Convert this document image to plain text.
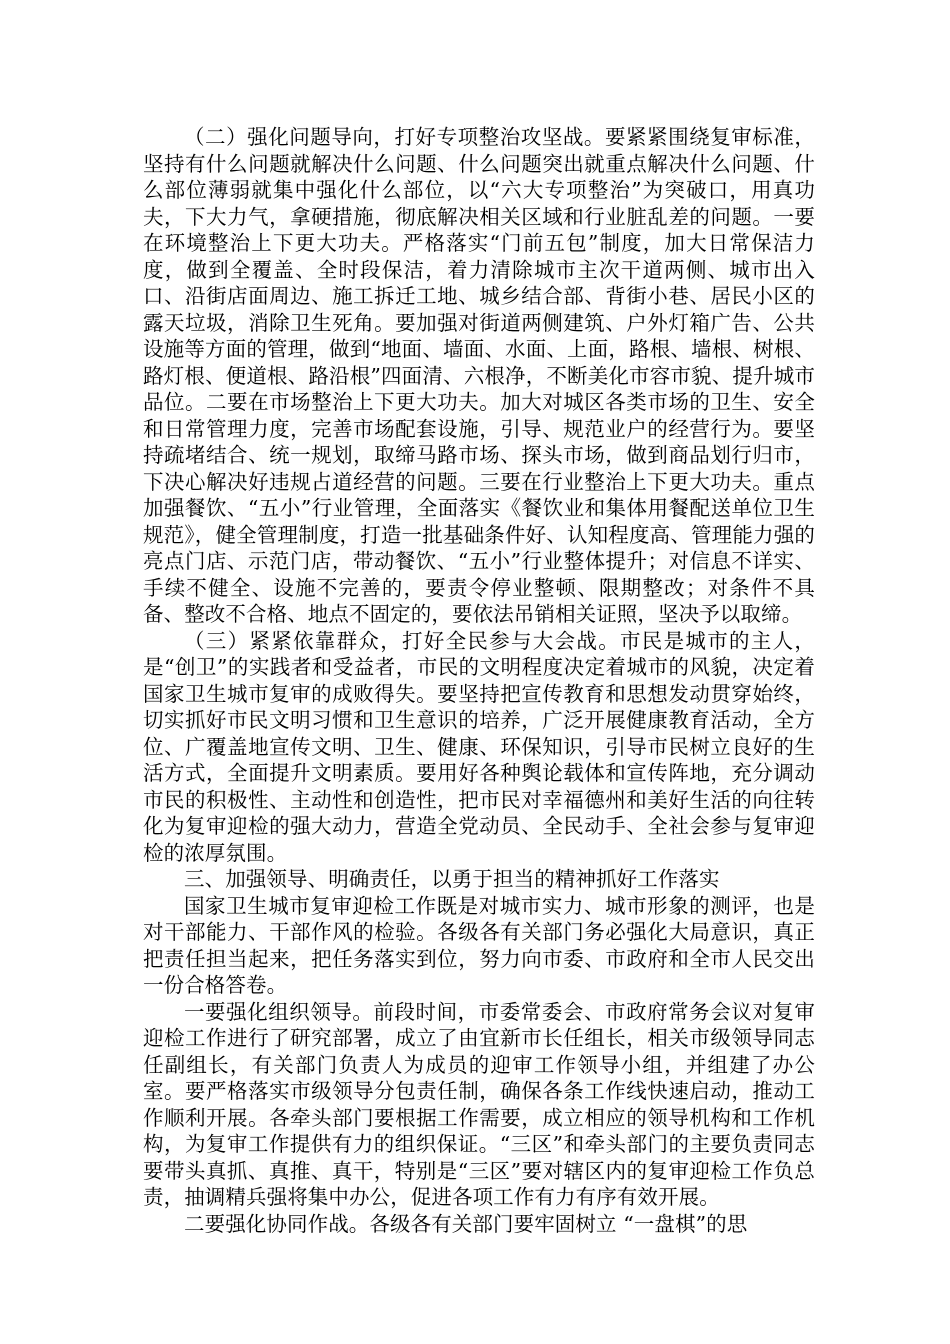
（二）强化问题导向，打好专项整治攻坚战。要紧紧围绕复审标准，坚持有什么问题就解决什么问题、什么问题突出就重点解决什么问题、什么部位薄弱就集中强化什么部位，以“六大专项整治”为突破口，用真功夫，下大力气，拿硬措施，彻底解决相关区域和行业脏乱差的问题。一要在环境整治上下更大功夫。严格落实“门前五包”制度，加大日常保洁力度，做到全覆盖、全时段保洁，着力清除城市主次干道两侧、城市出入口、沿街店面周边、施工拆迁工地、城乡结合部、背街小巷、居民小区的露天垃圾，消除卫生死角。要加强对街道两侧建筑、户外灯箱广告、公共设施等方面的管理，做到“地面、墙面、水面、上面，路根、墙根、树根、路灯根、便道根、路沿根”四面清、六根净，不断美化市容市貌、提升城市品位。二要在市场整治上下更大功夫。加大对城区各类市场的卫生、安全和日常管理力度，完善市场配套设施，引导、规范业户的经营行为。要坚持疏堵结合、统一规划，取缔马路市场、探头市场，做到商品划行归市，下决心解决好违规占道经营的问题。三要在行业整治上下更大功夫。重点加强餐饮、“五小”行业管理，全面落实《餐饮业和集体用餐配送单位卫生规范》，健全管理制度，打造一批基础条件好、认知程度高、管理能力强的亮点门店、示范门店，带动餐饮、“五小”行业整体提升；对信息不详实、手续不健全、设施不完善的，要责令停业整顿、限期整改；对条件不具备、整改不合格、地点不固定的，要依法吊销相关证照，坚决予以取缔。

（三）紧紧依靠群众，打好全民参与大会战。市民是城市的主人，是“创卫”的实践者和受益者，市民的文明程度决定着城市的风貌，决定着国家卫生城市复审的成败得失。要坚持把宣传教育和思想发动贯穿始终，切实抓好市民文明习惯和卫生意识的培养，广泛开展健康教育活动，全方位、广覆盖地宣传文明、卫生、健康、环保知识，引导市民树立良好的生活方式，全面提升文明素质。要用好各种舆论载体和宣传阵地，充分调动市民的积极性、主动性和创造性，把市民对幸福德州和美好生活的向往转化为复审迎检的强大动力，营造全党动员、全民动手、全社会参与复审迎检的浓厚氛围。

三、加强领导、明确责任，以勇于担当的精神抓好工作落实

国家卫生城市复审迎检工作既是对城市实力、城市形象的测评，也是对干部能力、干部作风的检验。各级各有关部门务必强化大局意识，真正把责任担当起来，把任务落实到位，努力向市委、市政府和全市人民交出一份合格答卷。

一要强化组织领导。前段时间，市委常委会、市政府常务会议对复审迎检工作进行了研究部署，成立了由宜新市长任组长，相关市级领导同志任副组长，有关部门负责人为成员的迎审工作领导小组，并组建了办公室。要严格落实市级领导分包责任制，确保各条工作线快速启动，推动工作顺利开展。各牵头部门要根据工作需要，成立相应的领导机构和工作机构，为复审工作提供有力的组织保证。“三区”和牵头部门的主要负责同志要带头真抓、真推、真干，特别是“三区”要对辖区内的复审迎检工作负总责，抽调精兵强将集中办公，促进各项工作有力有序有效开展。

二要强化协同作战。各级各有关部门要牢固树立 “一盘棋”的思
